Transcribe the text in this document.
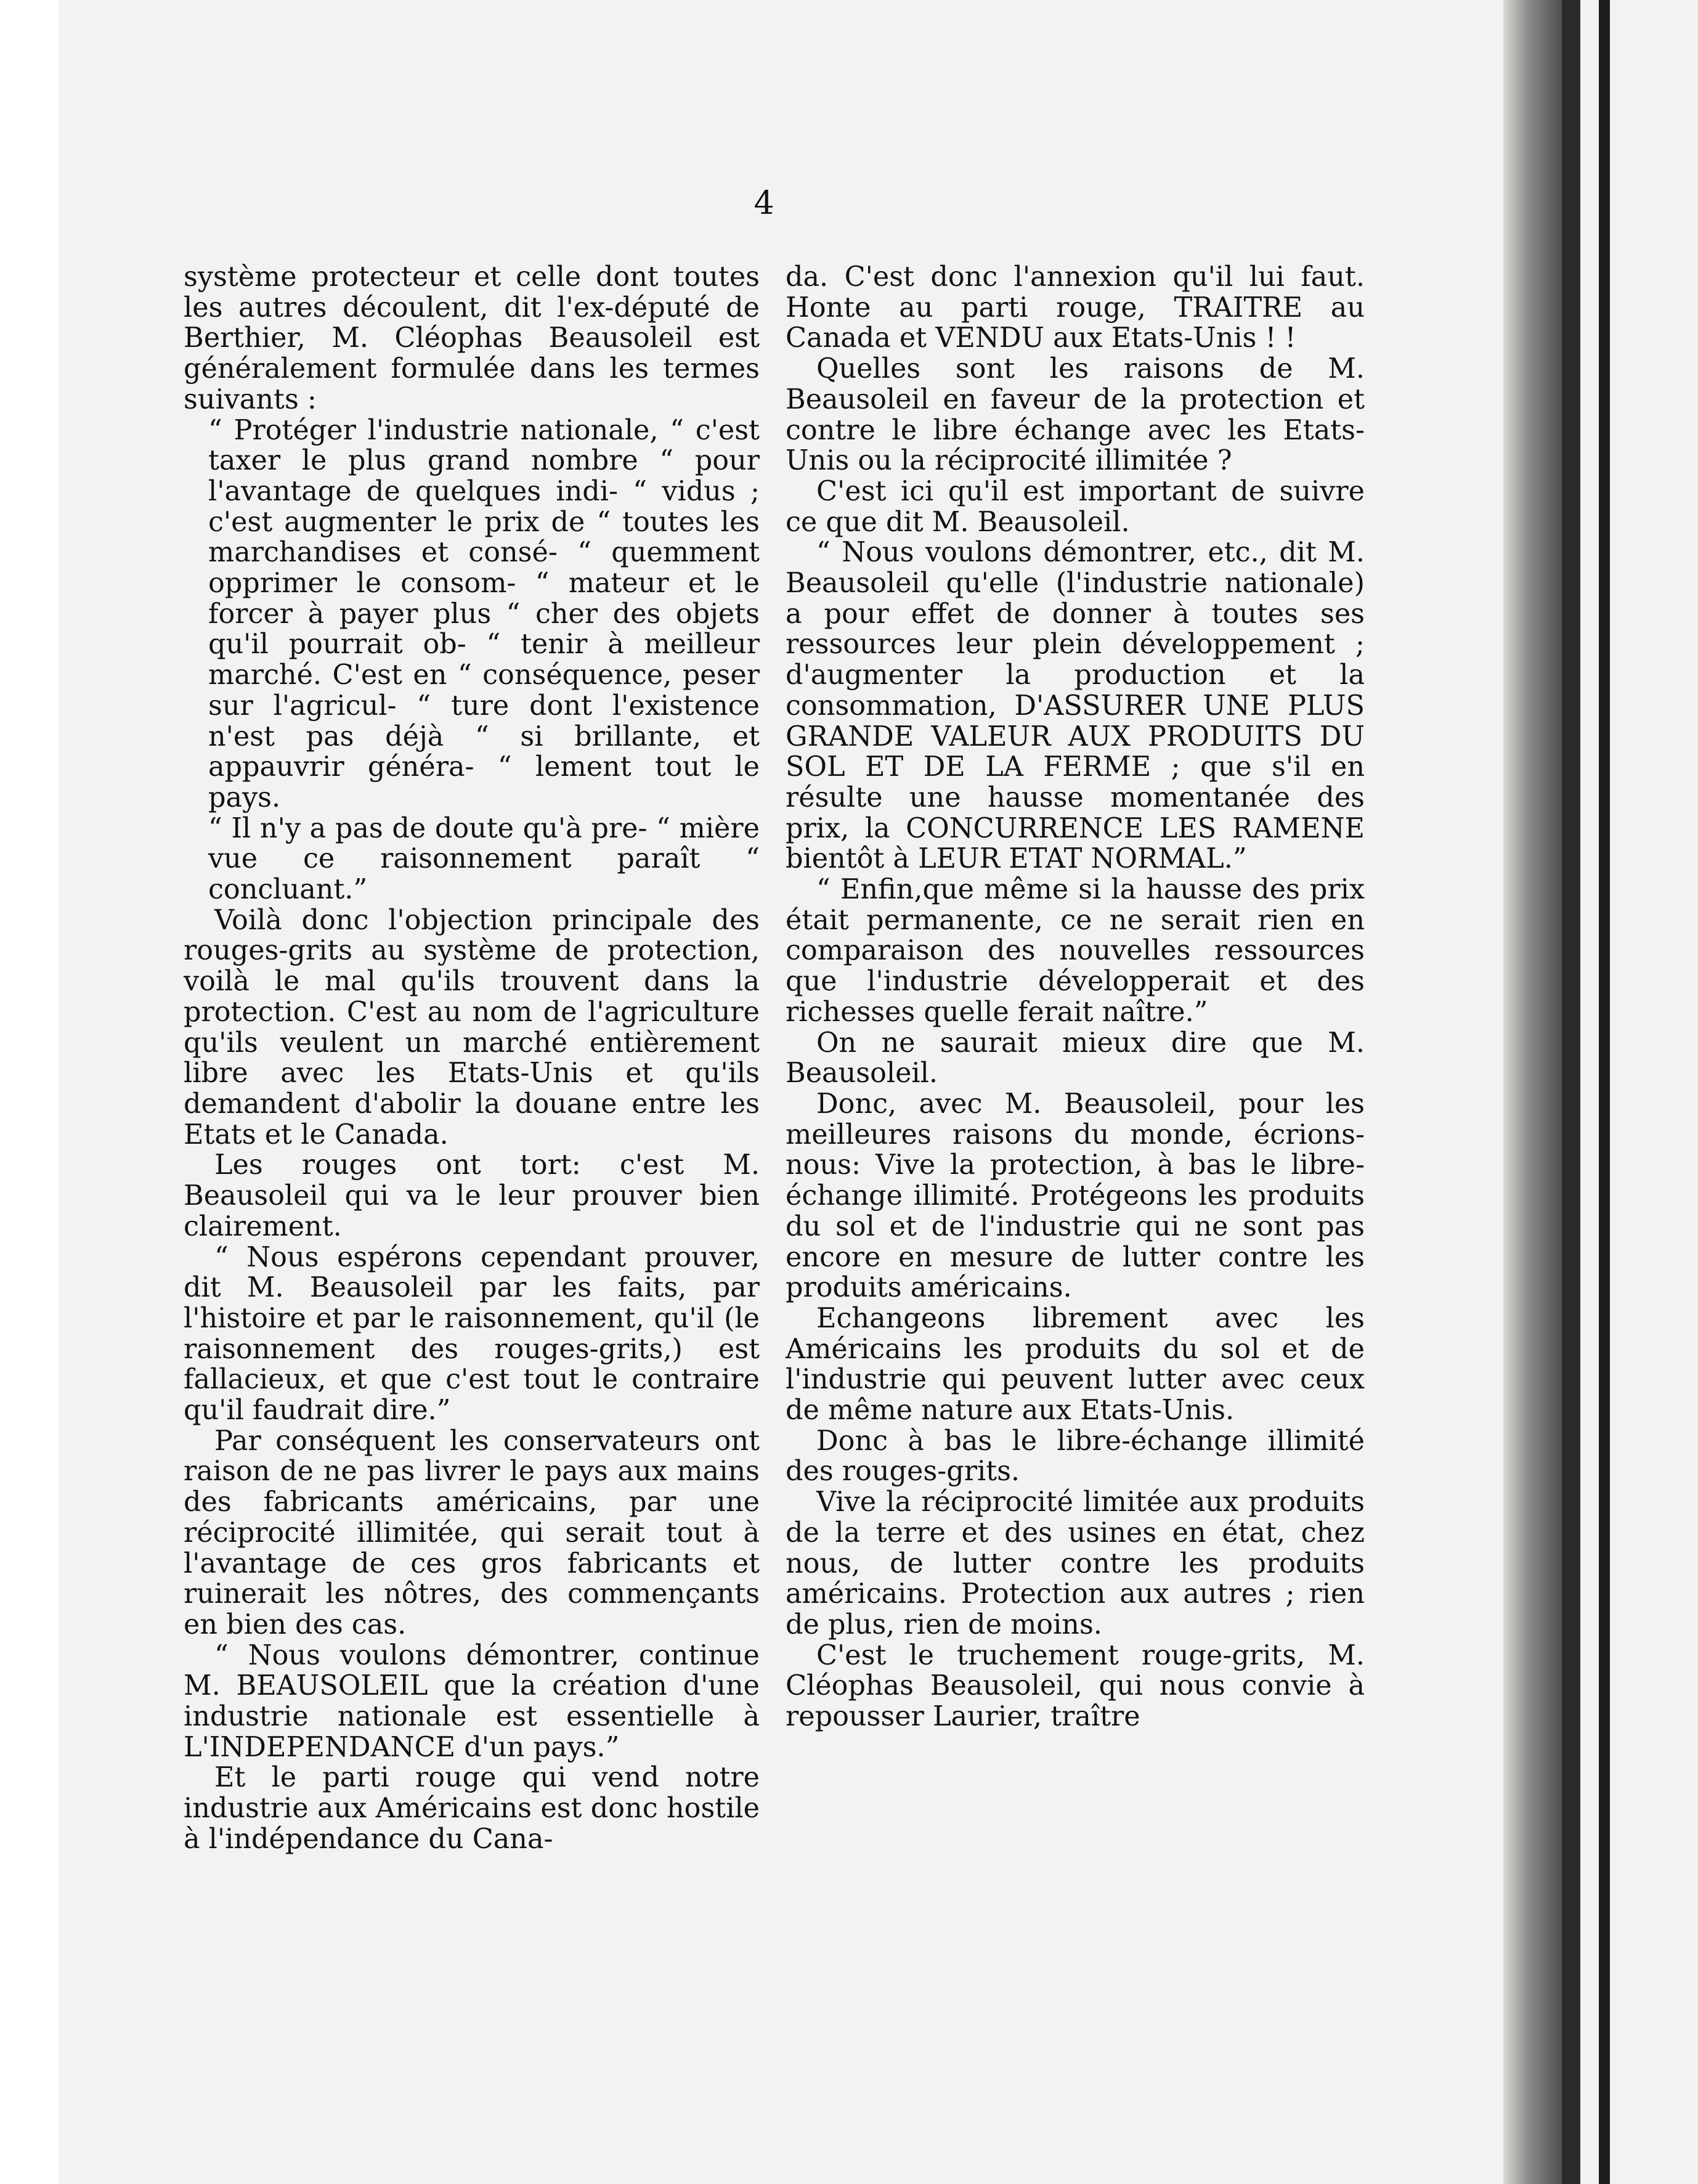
4

système protecteur et celle dont toutes les autres découlent, dit l'ex-député de Berthier, M. Cléophas Beausoleil est généralement formulée dans les termes suivants :

“ Protéger l'industrie nationale, “ c'est taxer le plus grand nombre “ pour l'avantage de quelques indi- “ vidus ; c'est augmenter le prix de “ toutes les marchandises et consé- “ quemment opprimer le consom- “ mateur et le forcer à payer plus “ cher des objets qu'il pourrait ob- “ tenir à meilleur marché. C'est en “ conséquence, peser sur l'agricul- “ ture dont l'existence n'est pas déjà “ si brillante, et appauvrir généra- “ lement tout le pays.

“ Il n'y a pas de doute qu'à pre- “ mière vue ce raisonnement paraît “ concluant.”

Voilà donc l'objection principale des rouges-grits au système de protection, voilà le mal qu'ils trouvent dans la protection. C'est au nom de l'agriculture qu'ils veulent un marché entièrement libre avec les Etats-Unis et qu'ils demandent d'abolir la douane entre les Etats et le Canada.

Les rouges ont tort: c'est M. Beausoleil qui va le leur prouver bien clairement.

“ Nous espérons cependant prouver, dit M. Beausoleil par les faits, par l'histoire et par le raisonnement, qu'il (le raisonnement des rouges-grits,) est fallacieux, et que c'est tout le contraire qu'il faudrait dire.”

Par conséquent les conservateurs ont raison de ne pas livrer le pays aux mains des fabricants américains, par une réciprocité illimitée, qui serait tout à l'avantage de ces gros fabricants et ruinerait les nôtres, des commençants en bien des cas.

“ Nous voulons démontrer, continue M. BEAUSOLEIL que la création d'une industrie nationale est essentielle à L'INDEPENDANCE d'un pays.”

Et le parti rouge qui vend notre industrie aux Américains est donc hostile à l'indépendance du Cana-

da. C'est donc l'annexion qu'il lui faut. Honte au parti rouge, TRAITRE au Canada et VENDU aux Etats-Unis ! !

Quelles sont les raisons de M. Beausoleil en faveur de la protection et contre le libre échange avec les Etats-Unis ou la réciprocité illimitée ?

C'est ici qu'il est important de suivre ce que dit M. Beausoleil.

“ Nous voulons démontrer, etc., dit M. Beausoleil qu'elle (l'industrie nationale) a pour effet de donner à toutes ses ressources leur plein développement ; d'augmenter la production et la consommation, D'ASSURER UNE PLUS GRANDE VALEUR AUX PRODUITS DU SOL ET DE LA FERME ; que s'il en résulte une hausse momentanée des prix, la CONCURRENCE LES RAMENE bientôt à LEUR ETAT NORMAL.”

“ Enfin,que même si la hausse des prix était permanente, ce ne serait rien en comparaison des nouvelles ressources que l'industrie développerait et des richesses quelle ferait naître.”

On ne saurait mieux dire que M. Beausoleil.

Donc, avec M. Beausoleil, pour les meilleures raisons du monde, écrions-nous: Vive la protection, à bas le libre-échange illimité. Protégeons les produits du sol et de l'industrie qui ne sont pas encore en mesure de lutter contre les produits américains.

Echangeons librement avec les Américains les produits du sol et de l'industrie qui peuvent lutter avec ceux de même nature aux Etats-Unis.

Donc à bas le libre-échange illimité des rouges-grits.

Vive la réciprocité limitée aux produits de la terre et des usines en état, chez nous, de lutter contre les produits américains. Protection aux autres ; rien de plus, rien de moins.

C'est le truchement rouge-grits, M. Cléophas Beausoleil, qui nous convie à repousser Laurier, traître
